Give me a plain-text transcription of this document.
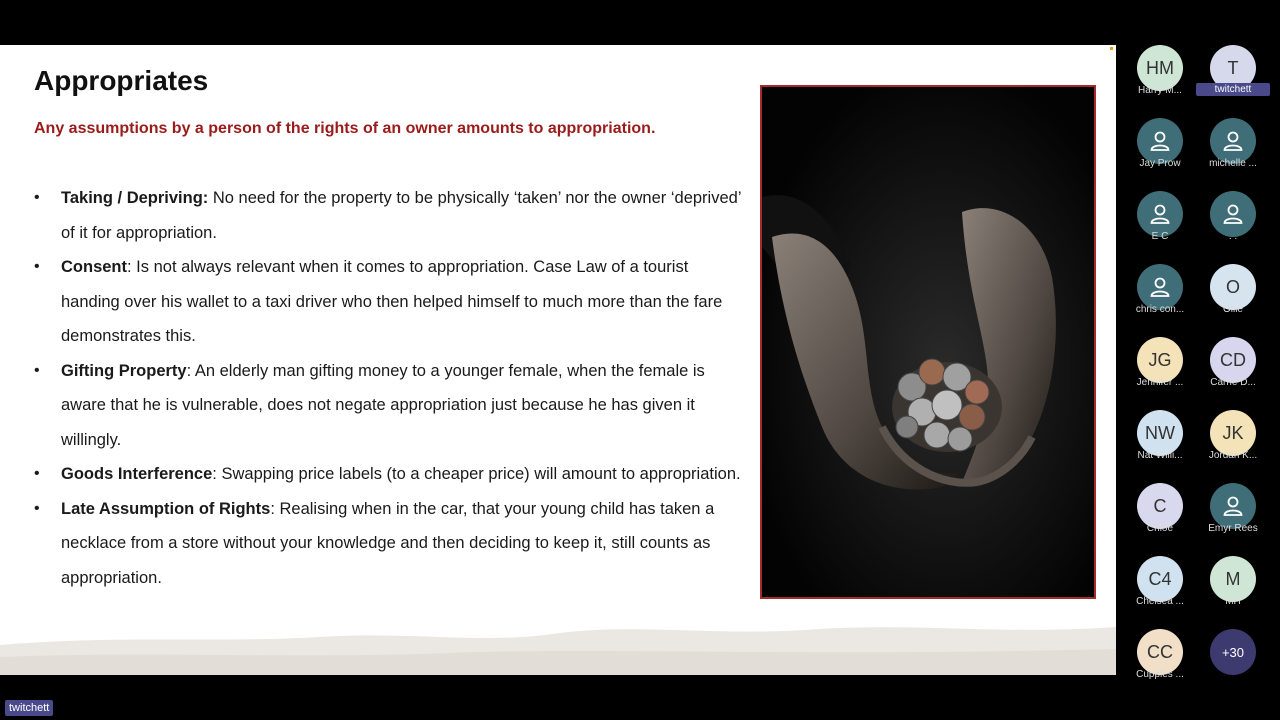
Appropriates
Any assumptions by a person of the rights of an owner amounts to appropriation.
• Taking / Depriving: No need for the property to be physically ‘taken’ nor the owner ‘deprived’ of it for appropriation.
• Consent: Is not always relevant when it comes to appropriation. Case Law of a tourist handing over his wallet to a taxi driver who then helped himself to much more than the fare demonstrates this.
• Gifting Property: An elderly man gifting money to a younger female, when the female is aware that he is vulnerable, does not negate appropriation just because he has given it willingly.
• Goods Interference: Swapping price labels (to a cheaper price) will amount to appropriation.
• Late Assumption of Rights: Realising when in the car, that your young child has taken a necklace from a store without your knowledge and then deciding to keep it, still counts as appropriation.
HM
Harry M...
T
twitchett
Jay Prow	michelle ...
E C	. .
chris con...
O
Ollie
JG
Jennifer ...
CD
Carrie D...
NW
Nat Willi...
JK
Jordan K...
C
Chloe	Emyr Rees
C4
Chelsea ...
M
MH
CC
Cupples ...
+30
twitchett
